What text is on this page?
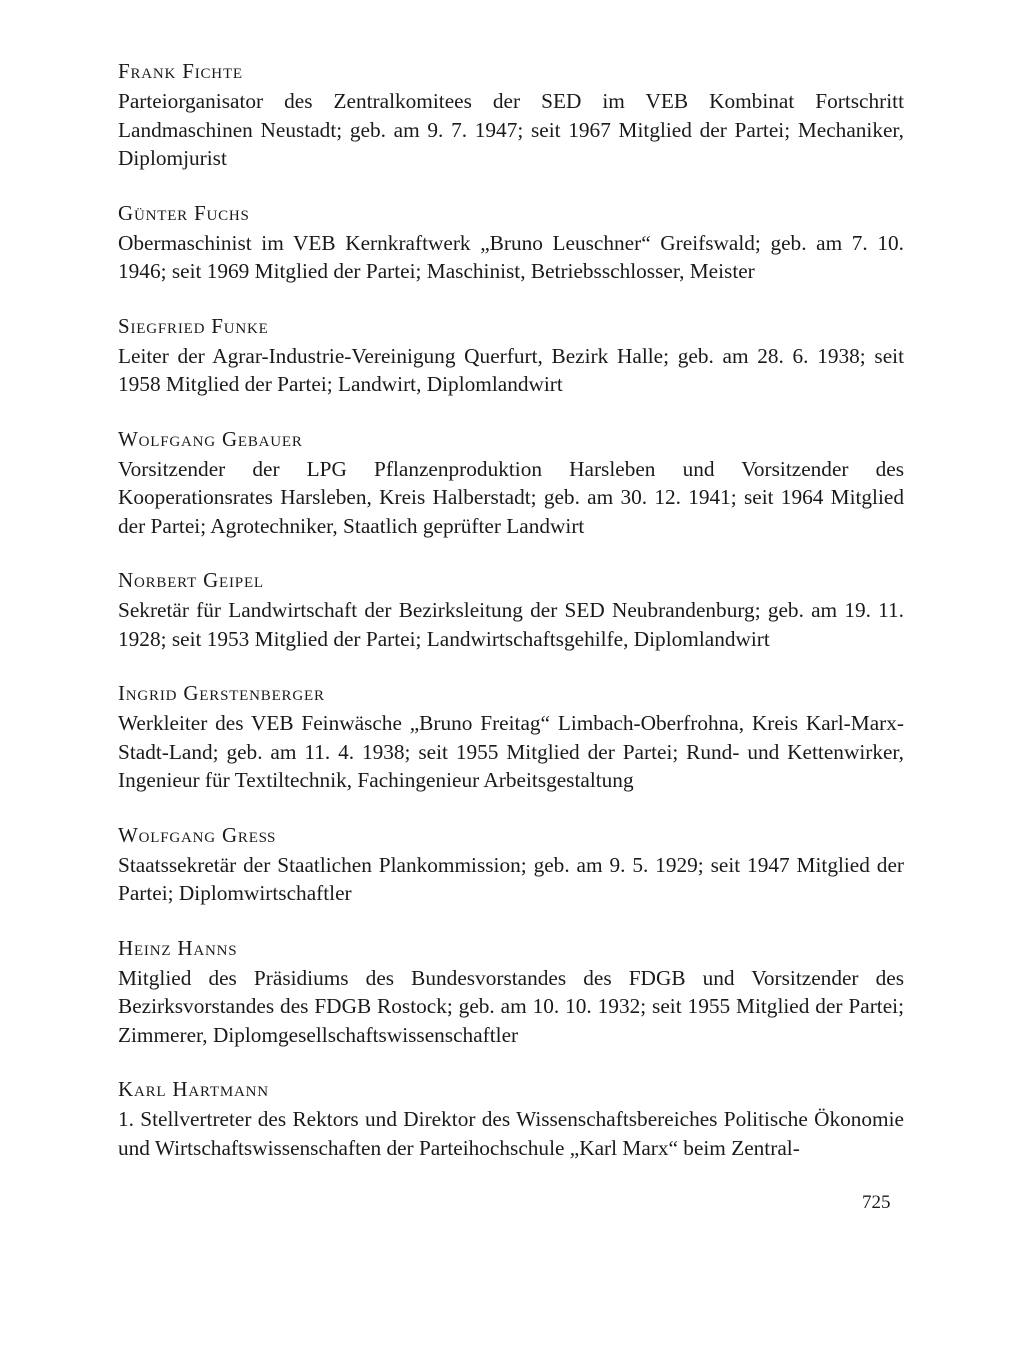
Frank Fichte
Parteiorganisator des Zentralkomitees der SED im VEB Kombinat Fortschritt Landmaschinen Neustadt; geb. am 9. 7. 1947; seit 1967 Mitglied der Partei; Mechaniker, Diplomjurist
Günter Fuchs
Obermaschinist im VEB Kernkraftwerk „Bruno Leuschner“ Greifswald; geb. am 7. 10. 1946; seit 1969 Mitglied der Partei; Maschinist, Betriebsschlosser, Meister
Siegfried Funke
Leiter der Agrar-Industrie-Vereinigung Querfurt, Bezirk Halle; geb. am 28. 6. 1938; seit 1958 Mitglied der Partei; Landwirt, Diplomlandwirt
Wolfgang Gebauer
Vorsitzender der LPG Pflanzenproduktion Harsleben und Vorsitzender des Kooperationsrates Harsleben, Kreis Halberstadt; geb. am 30. 12. 1941; seit 1964 Mitglied der Partei; Agrotechniker, Staatlich geprüfter Landwirt
Norbert Geipel
Sekretär für Landwirtschaft der Bezirksleitung der SED Neubrandenburg; geb. am 19. 11. 1928; seit 1953 Mitglied der Partei; Landwirtschaftsgehilfe, Diplomlandwirt
Ingrid Gerstenberger
Werkleiter des VEB Feinwäsche „Bruno Freitag“ Limbach-Oberfrohna, Kreis Karl-Marx-Stadt-Land; geb. am 11. 4. 1938; seit 1955 Mitglied der Partei; Rund- und Kettenwirker, Ingenieur für Textiltechnik, Fachingenieur Arbeitsgestaltung
Wolfgang Greß
Staatssekretär der Staatlichen Plankommission; geb. am 9. 5. 1929; seit 1947 Mitglied der Partei; Diplomwirtschaftler
Heinz Hanns
Mitglied des Präsidiums des Bundesvorstandes des FDGB und Vorsitzender des Bezirksvorstandes des FDGB Rostock; geb. am 10. 10. 1932; seit 1955 Mitglied der Partei; Zimmerer, Diplomgesellschaftswissenschaftler
Karl Hartmann
1. Stellvertreter des Rektors und Direktor des Wissenschaftsbereiches Politische Ökonomie und Wirtschaftswissenschaften der Parteihochschule „Karl Marx“ beim Zentral-
725
